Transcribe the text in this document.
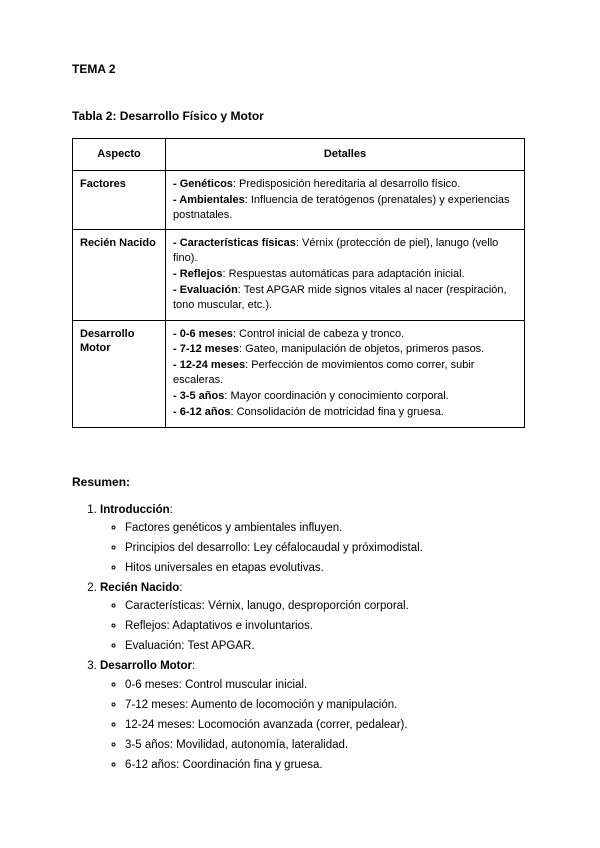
TEMA 2
Tabla 2: Desarrollo Físico y Motor
Aspecto	Detalles
Factores	- Genéticos: Predisposición hereditaria al desarrollo físico.
- Ambientales: Influencia de teratógenos (prenatales) y experiencias postnatales.

Recién Nacido	- Características físicas: Vérnix (protección de piel), lanugo (vello fino).
- Reflejos: Respuestas automáticas para adaptación inicial.
- Evaluación: Test APGAR mide signos vitales al nacer (respiración, tono muscular, etc.).

Desarrollo Motor	- 0-6 meses: Control inicial de cabeza y tronco.
- 7-12 meses: Gateo, manipulación de objetos, primeros pasos.
- 12-24 meses: Perfección de movimientos como correr, subir escaleras.
- 3-5 años: Mayor coordinación y conocimiento corporal.
- 6-12 años: Consolidación de motricidad fina y gruesa.
Resumen:
1. Introducción:
◦ Factores genéticos y ambientales influyen.
◦ Principios del desarrollo: Ley céfalocaudal y próximodistal.
◦ Hitos universales en etapas evolutivas.
2. Recién Nacido:
◦ Características: Vérnix, lanugo, desproporción corporal.
◦ Reflejos: Adaptativos e involuntarios.
◦ Evaluación: Test APGAR.
3. Desarrollo Motor:
◦ 0-6 meses: Control muscular inicial.
◦ 7-12 meses: Aumento de locomoción y manipulación.
◦ 12-24 meses: Locomoción avanzada (correr, pedalear).
◦ 3-5 años: Movilidad, autonomía, lateralidad.
◦ 6-12 años: Coordinación fina y gruesa.
